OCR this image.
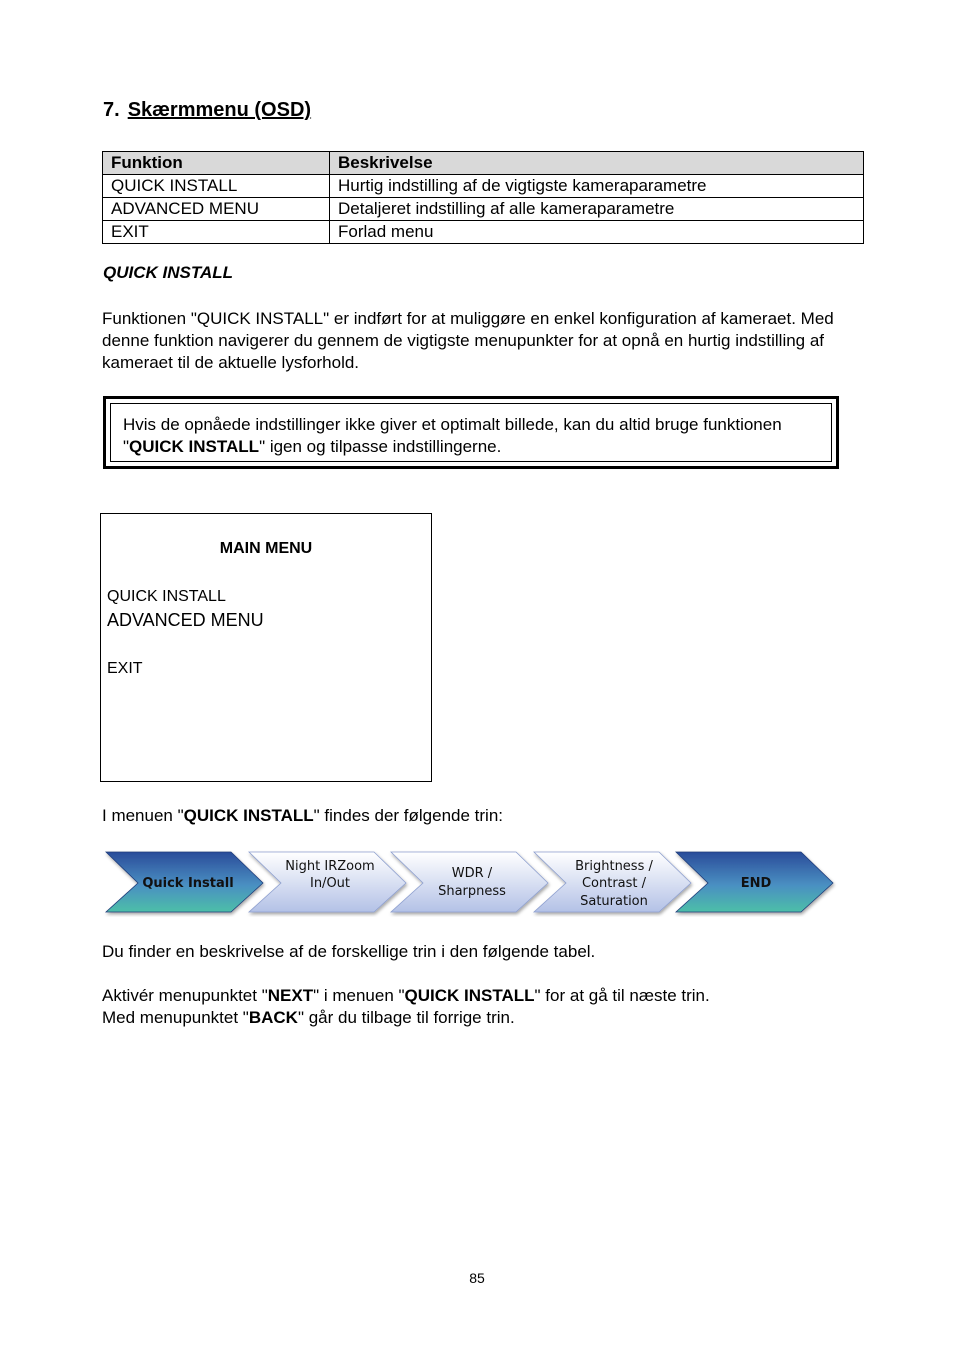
7. Skærmmenu (OSD)
Funktion	Beskrivelse
QUICK INSTALL	Hurtig indstilling af de vigtigste kameraparametre
ADVANCED MENU	Detaljeret indstilling af alle kameraparametre
EXIT	Forlad menu
QUICK INSTALL
Funktionen "QUICK INSTALL" er indført for at muliggøre en enkel konfiguration af kameraet. Med denne funktion navigerer du gennem de vigtigste menupunkter for at opnå en hurtig indstilling af kameraet til de aktuelle lysforhold.
Hvis de opnåede indstillinger ikke giver et optimalt billede, kan du altid bruge funktionen "QUICK INSTALL" igen og tilpasse indstillingerne.
MAIN MENU
QUICK INSTALL
ADVANCED MENU
EXIT
I menuen "QUICK INSTALL" findes der følgende trin:
Quick Install
Night IRZoom
In/Out
WDR /
Sharpness
Brightness /
Contrast /
Saturation
END
Du finder en beskrivelse af de forskellige trin i den følgende tabel.
Aktivér menupunktet "NEXT" i menuen "QUICK INSTALL" for at gå til næste trin.
Med menupunktet "BACK" går du tilbage til forrige trin.
85
